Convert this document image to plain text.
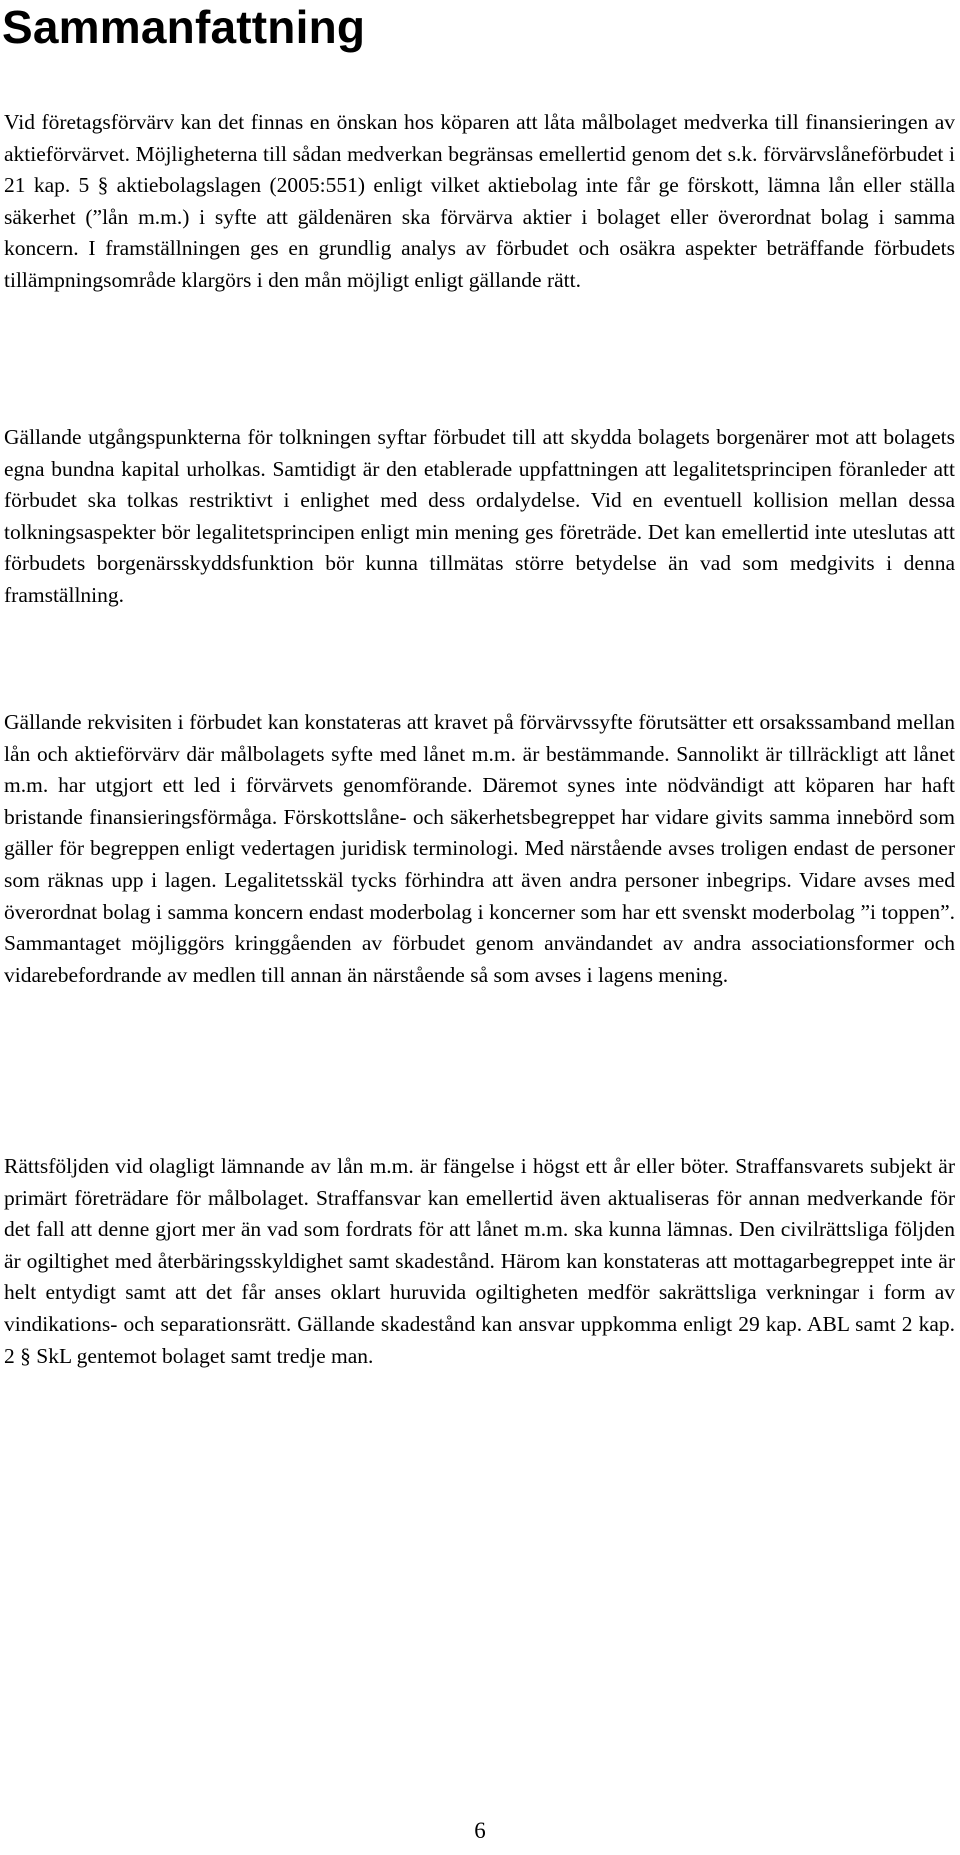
Sammanfattning

Vid företagsförvärv kan det finnas en önskan hos köparen att låta målbolaget medverka till finansieringen av aktieförvärvet. Möjligheterna till sådan medverkan begränsas emellertid genom det s.k. förvärvslåneförbudet i 21 kap. 5 § aktiebolagslagen (2005:551) enligt vilket aktiebolag inte får ge förskott, lämna lån eller ställa säkerhet (”lån m.m.) i syfte att gäldenären ska förvärva aktier i bolaget eller överordnat bolag i samma koncern. I framställningen ges en grundlig analys av förbudet och osäkra aspekter beträffande förbudets tillämpningsområde klargörs i den mån möjligt enligt gällande rätt.

Gällande utgångspunkterna för tolkningen syftar förbudet till att skydda bolagets borgenärer mot att bolagets egna bundna kapital urholkas. Samtidigt är den etablerade uppfattningen att legalitetsprincipen föranleder att förbudet ska tolkas restriktivt i enlighet med dess ordalydelse. Vid en eventuell kollision mellan dessa tolkningsaspekter bör legalitetsprincipen enligt min mening ges företräde. Det kan emellertid inte uteslutas att förbudets borgenärsskyddsfunktion bör kunna tillmätas större betydelse än vad som medgivits i denna framställning.

Gällande rekvisiten i förbudet kan konstateras att kravet på förvärvssyfte förutsätter ett orsakssamband mellan lån och aktieförvärv där målbolagets syfte med lånet m.m. är bestämmande. Sannolikt är tillräckligt att lånet m.m. har utgjort ett led i förvärvets genomförande. Däremot synes inte nödvändigt att köparen har haft bristande finansieringsförmåga. Förskottslåne- och säkerhetsbegreppet har vidare givits samma innebörd som gäller för begreppen enligt vedertagen juridisk terminologi. Med närstående avses troligen endast de personer som räknas upp i lagen. Legalitetsskäl tycks förhindra att även andra personer inbegrips. Vidare avses med överordnat bolag i samma koncern endast moderbolag i koncerner som har ett svenskt moderbolag ”i toppen”. Sammantaget möjliggörs kringgåenden av förbudet genom användandet av andra associationsformer och vidarebefordrande av medlen till annan än närstående så som avses i lagens mening.

Rättsföljden vid olagligt lämnande av lån m.m. är fängelse i högst ett år eller böter. Straffansvarets subjekt är primärt företrädare för målbolaget. Straffansvar kan emellertid även aktualiseras för annan medverkande för det fall att denne gjort mer än vad som fordrats för att lånet m.m. ska kunna lämnas. Den civilrättsliga följden är ogiltighet med återbäringsskyldighet samt skadestånd. Härom kan konstateras att mottagarbegreppet inte är helt entydigt samt att det får anses oklart huruvida ogiltigheten medför sakrättsliga verkningar i form av vindikations- och separationsrätt. Gällande skadestånd kan ansvar uppkomma enligt 29 kap. ABL samt 2 kap. 2 § SkL gentemot bolaget samt tredje man.

6
